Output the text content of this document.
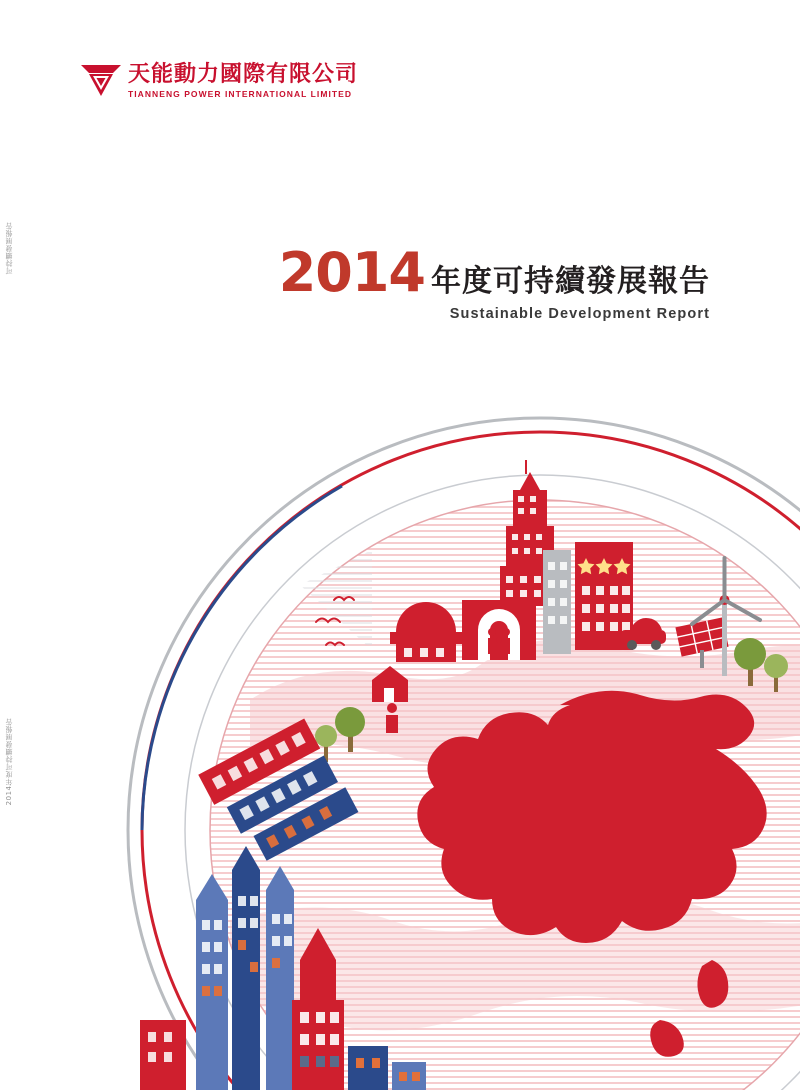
天能動力國際有限公司
TIANNENG POWER INTERNATIONAL LIMITED
可持續發展報告
2014年度可持續發展報告
2014 年度可持續發展報告
Sustainable Development Report
